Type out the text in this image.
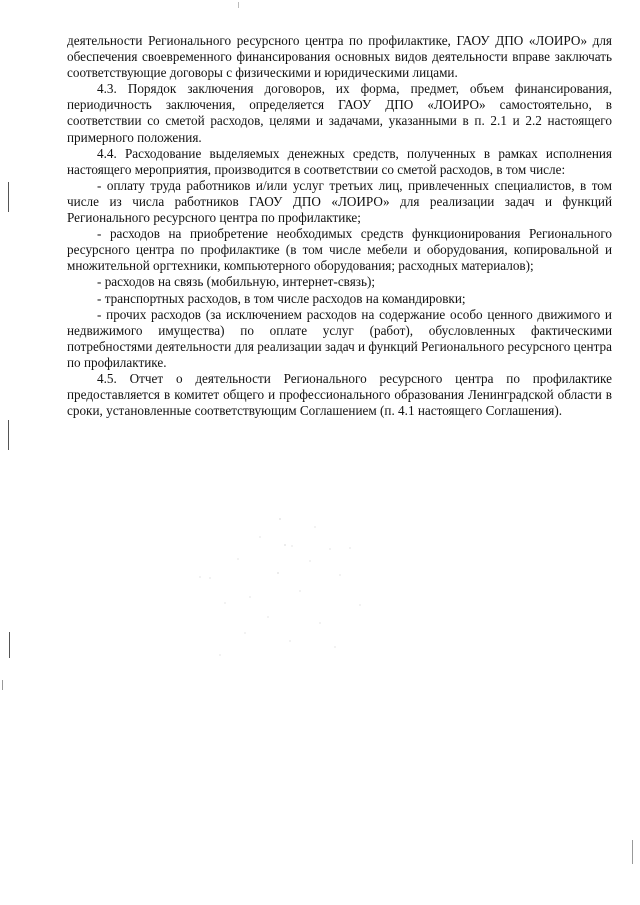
деятельности Регионального ресурсного центра по профилактике, ГАОУ ДПО «ЛОИРО» для обеспечения своевременного финансирования основных видов деятельности вправе заключать соответствующие договоры с физическими и юридическими лицами.

4.3. Порядок заключения договоров, их форма, предмет, объем финансирования, периодичность заключения, определяется ГАОУ ДПО «ЛОИРО» самостоятельно, в соответствии со сметой расходов, целями и задачами, указанными в п. 2.1 и 2.2 настоящего примерного положения.

4.4. Расходование выделяемых денежных средств, полученных в рамках исполнения настоящего мероприятия, производится в соответствии со сметой расходов, в том числе:

- оплату труда работников и/или услуг третьих лиц, привлеченных специалистов, в том числе из числа работников ГАОУ ДПО «ЛОИРО» для реализации задач и функций Регионального ресурсного центра по профилактике;

- расходов на приобретение необходимых средств функционирования Регионального ресурсного центра по профилактике (в том числе мебели и оборудования, копировальной и множительной оргтехники, компьютерного оборудования; расходных материалов);

- расходов на связь (мобильную, интернет-связь);

- транспортных расходов, в том числе расходов на командировки;

- прочих расходов (за исключением расходов на содержание особо ценного движимого и недвижимого имущества) по оплате услуг (работ), обусловленных фактическими потребностями деятельности для реализации задач и функций Регионального ресурсного центра по профилактике.

4.5. Отчет о деятельности Регионального ресурсного центра по профилактике предоставляется в комитет общего и профессионального образования Ленинградской области в сроки, установленные соответствующим Соглашением (п. 4.1 настоящего Соглашения).
